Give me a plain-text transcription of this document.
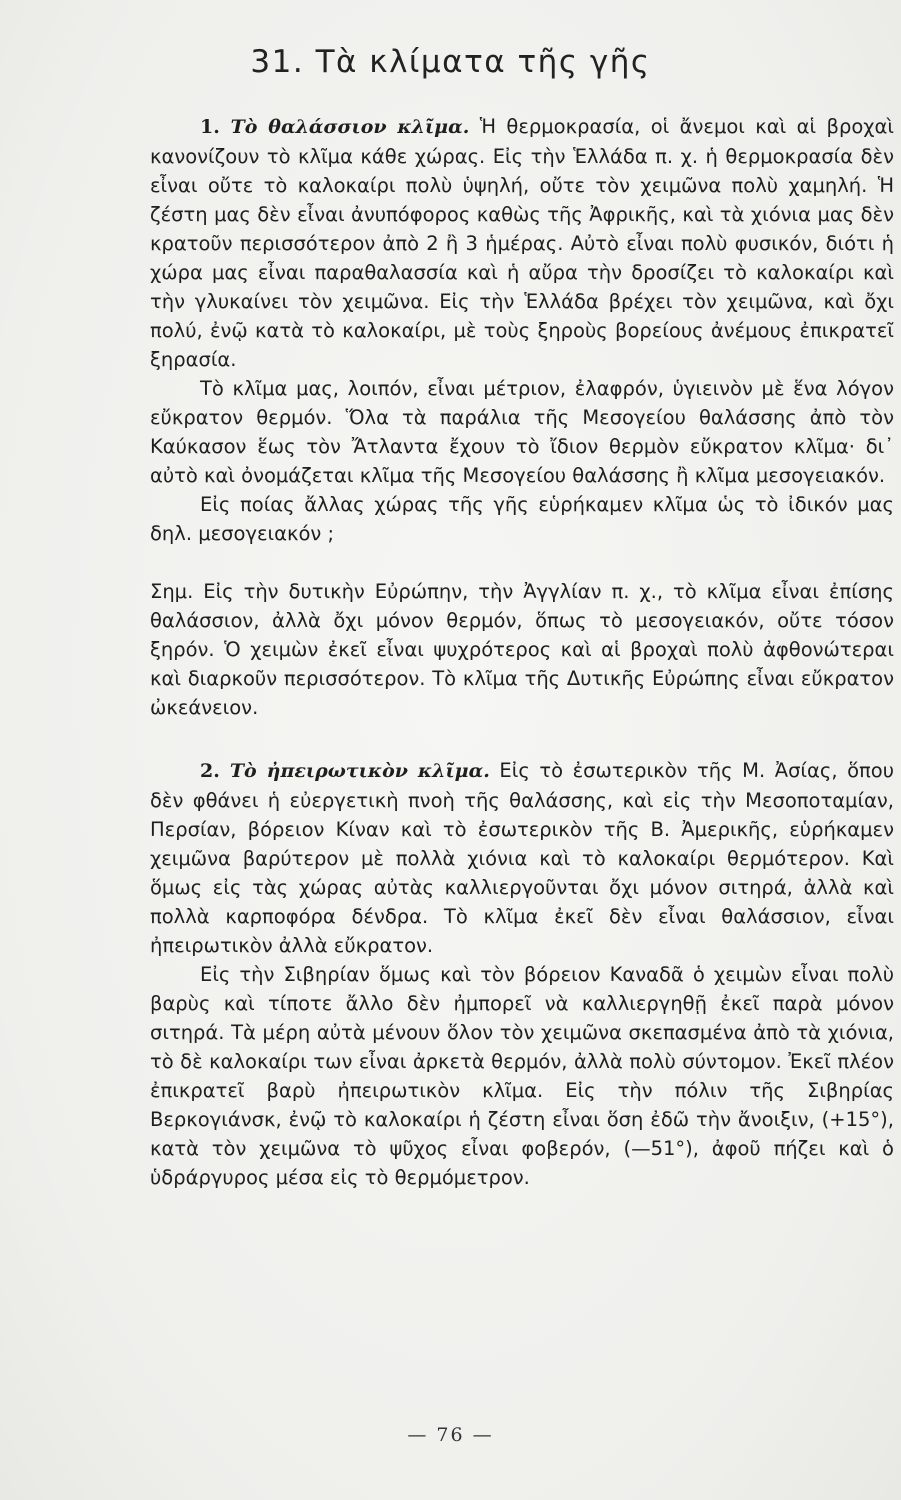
31. Τὰ κλίματα τῆς γῆς

1. Τὸ θαλάσσιον κλῖμα. Ἡ θερμοκρασία, οἱ ἄνεμοι καὶ αἱ βροχαὶ κανονίζουν τὸ κλῖμα κάθε χώρας. Εἰς τὴν Ἑλλάδα π. χ. ἡ θερμοκρασία δὲν εἶναι οὔτε τὸ καλοκαίρι πολὺ ὑψηλή, οὔτε τὸν χειμῶνα πολὺ χαμηλή. Ἡ ζέστη μας δὲν εἶναι ἀνυπόφορος καθὼς τῆς Ἀφρικῆς, καὶ τὰ χιόνια μας δὲν κρατοῦν περισσότερον ἀπὸ 2 ἢ 3 ἡμέρας. Αὐτὸ εἶναι πολὺ φυσικόν, διότι ἡ χώρα μας εἶναι παραθαλασσία καὶ ἡ αὔρα τὴν δροσίζει τὸ καλοκαίρι καὶ τὴν γλυκαίνει τὸν χειμῶνα. Εἰς τὴν Ἑλλάδα βρέχει τὸν χειμῶνα, καὶ ὄχι πολύ, ἐνῷ κατὰ τὸ καλοκαίρι, μὲ τοὺς ξηροὺς βορείους ἀνέμους ἐπικρατεῖ ξηρασία.

Τὸ κλῖμα μας, λοιπόν, εἶναι μέτριον, ἐλαφρόν, ὑγιεινὸν μὲ ἕνα λόγον εὔκρατον θερμόν. Ὅλα τὰ παράλια τῆς Μεσογείου θαλάσσης ἀπὸ τὸν Καύκασον ἕως τὸν Ἄτλαντα ἔχουν τὸ ἴδιον θερμὸν εὔκρατον κλῖμα· δι᾽ αὐτὸ καὶ ὀνομάζεται κλῖμα τῆς Μεσογείου θαλάσσης ἢ κλῖμα μεσογειακόν.

Εἰς ποίας ἄλλας χώρας τῆς γῆς εὑρήκαμεν κλῖμα ὡς τὸ ἰδικόν μας δηλ. μεσογειακόν ;

Σημ. Εἰς τὴν δυτικὴν Εὐρώπην, τὴν Ἀγγλίαν π. χ., τὸ κλῖμα εἶναι ἐπίσης θαλάσσιον, ἀλλὰ ὄχι μόνον θερμόν, ὅπως τὸ μεσογειακόν, οὔτε τόσον ξηρόν. Ὁ χειμὼν ἐκεῖ εἶναι ψυχρότερος καὶ αἱ βροχαὶ πολὺ ἀφθονώτεραι καὶ διαρκοῦν περισσότερον. Τὸ κλῖμα τῆς Δυτικῆς Εὐρώπης εἶναι εὔκρατον ὠκεάνειον.

2. Τὸ ἠπειρωτικὸν κλῖμα. Εἰς τὸ ἐσωτερικὸν τῆς Μ. Ἀσίας, ὅπου δὲν φθάνει ἡ εὐεργετικὴ πνοὴ τῆς θαλάσσης, καὶ εἰς τὴν Μεσοποταμίαν, Περσίαν, βόρειον Κίναν καὶ τὸ ἐσωτερικὸν τῆς Β. Ἀμερικῆς, εὑρήκαμεν χειμῶνα βαρύτερον μὲ πολλὰ χιόνια καὶ τὸ καλοκαίρι θερμότερον. Καὶ ὅμως εἰς τὰς χώρας αὐτὰς καλλιεργοῦνται ὄχι μόνον σιτηρά, ἀλλὰ καὶ πολλὰ καρποφόρα δένδρα. Τὸ κλῖμα ἐκεῖ δὲν εἶναι θαλάσσιον, εἶναι ἠπειρωτικὸν ἀλλὰ εὔκρατον.

Εἰς τὴν Σιβηρίαν ὅμως καὶ τὸν βόρειον Καναδᾶ ὁ χειμὼν εἶναι πολὺ βαρὺς καὶ τίποτε ἄλλο δὲν ἠμπορεῖ νὰ καλλιεργηθῇ ἐκεῖ παρὰ μόνον σιτηρά. Τὰ μέρη αὐτὰ μένουν ὅλον τὸν χειμῶνα σκεπασμένα ἀπὸ τὰ χιόνια, τὸ δὲ καλοκαίρι των εἶναι ἀρκετὰ θερμόν, ἀλλὰ πολὺ σύντομον. Ἐκεῖ πλέον ἐπικρατεῖ βαρὺ ἠπειρωτικὸν κλῖμα. Εἰς τὴν πόλιν τῆς Σιβηρίας Βερκογιάνσκ, ἐνῷ τὸ καλοκαίρι ἡ ζέστη εἶναι ὅση ἐδῶ τὴν ἄνοιξιν, (+15°), κατὰ τὸν χειμῶνα τὸ ψῦχος εἶναι φοβερόν, (—51°), ἀφοῦ πήζει καὶ ὁ ὑδράργυρος μέσα εἰς τὸ θερμόμετρον.

— 76 —
